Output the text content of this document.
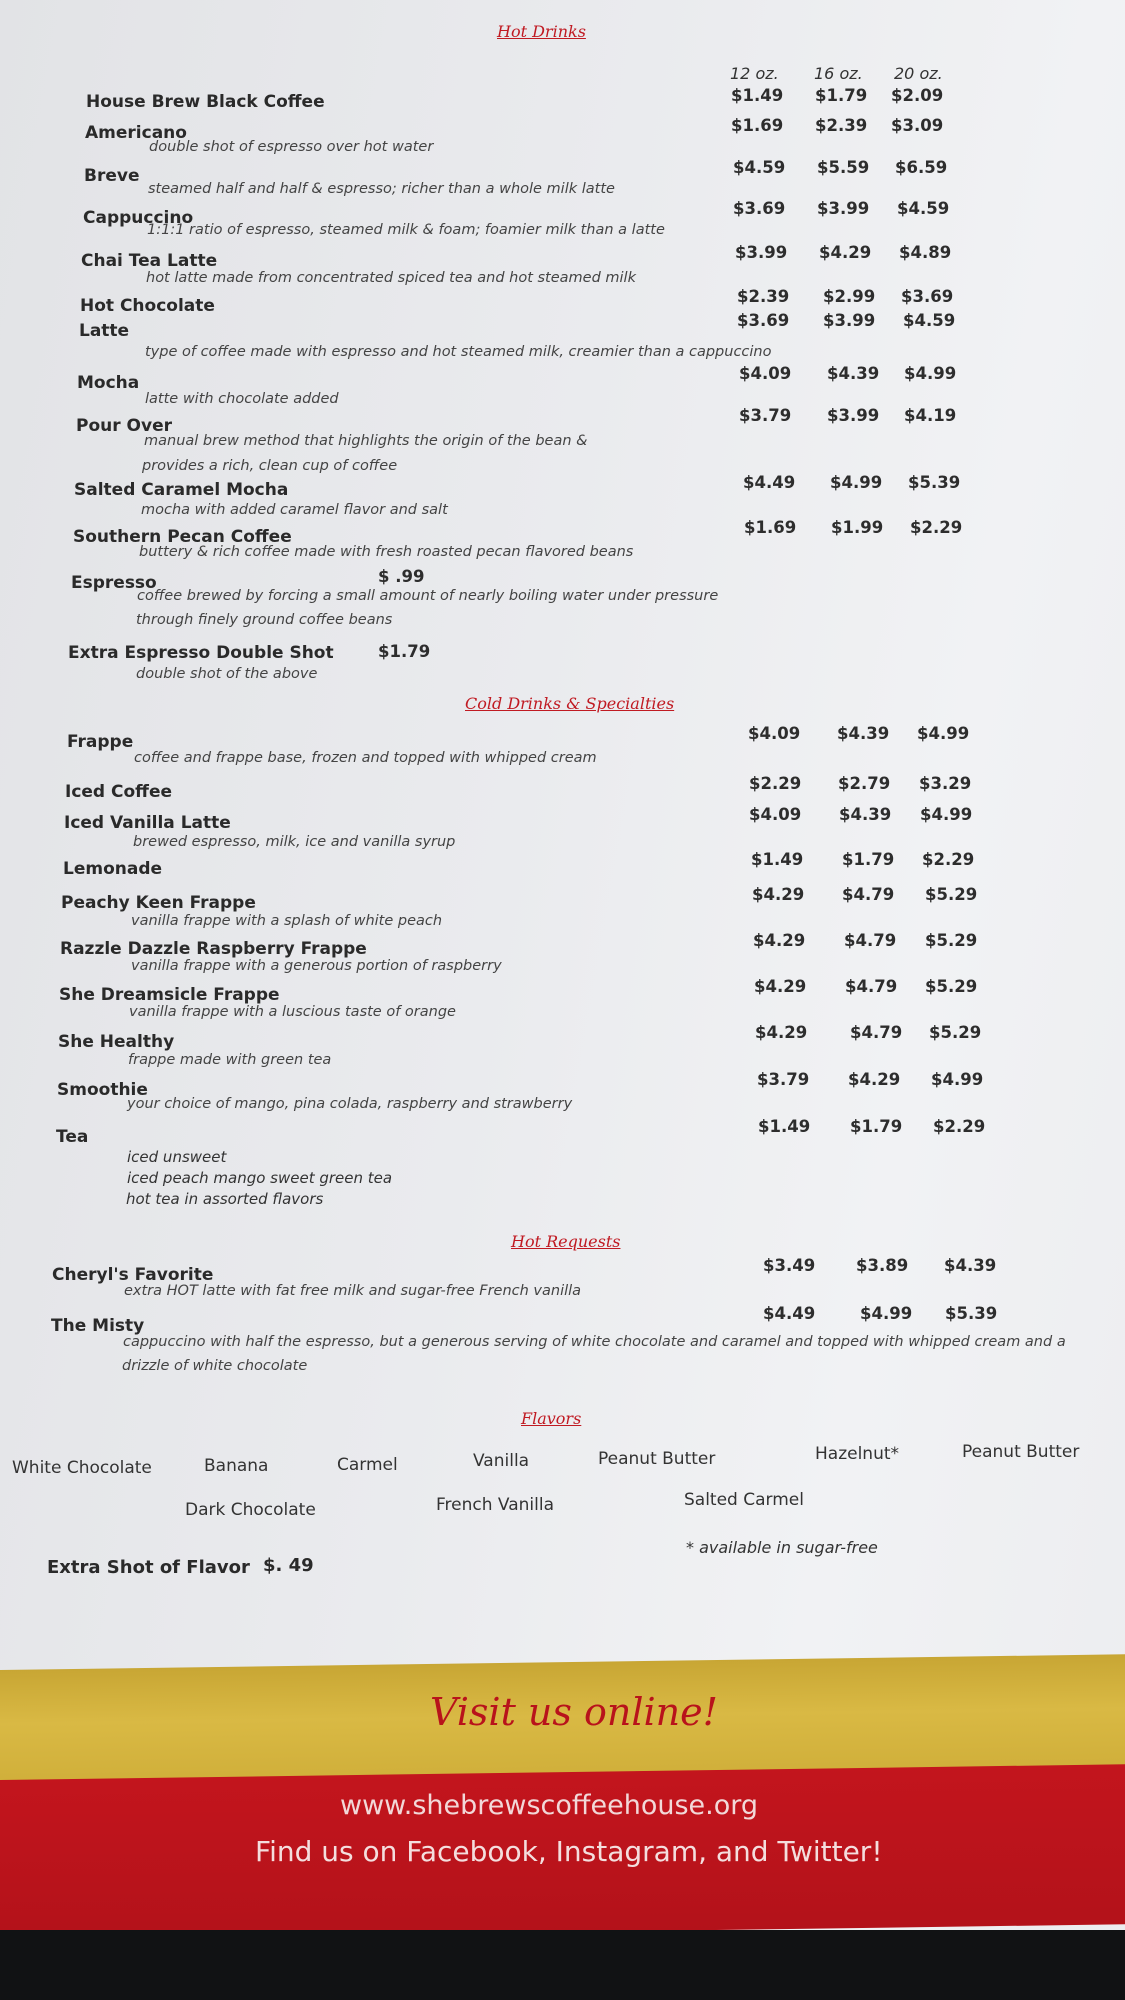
Hot Drinks
12 oz.	16 oz.	20 oz.
House Brew Black Coffee	$1.49 $1.79 $2.09
Americano
double shot of espresso over hot water
$1.69 $2.39 $3.09
Breve
steamed half and half & espresso; richer than a whole milk latte
$4.59 $5.59 $6.59
Cappuccino
1:1:1 ratio of espresso, steamed milk & foam; foamier milk than a latte
$3.69 $3.99 $4.59
Chai Tea Latte
hot latte made from concentrated spiced tea and hot steamed milk
$3.99 $4.29 $4.89
Hot Chocolate	$2.39 $2.99 $3.69
Latte
type of coffee made with espresso and hot steamed milk, creamier than a cappuccino
$3.69 $3.99 $4.59
Mocha
latte with chocolate added
$4.09 $4.39 $4.99
Pour Over
manual brew method that highlights the origin of the bean &
provides a rich, clean cup of coffee
$3.79 $3.99 $4.19
Salted Caramel Mocha
mocha with added caramel flavor and salt
$4.49 $4.99 $5.39
Southern Pecan Coffee
buttery & rich coffee made with fresh roasted pecan flavored beans
$1.69 $1.99 $2.29
Espresso
coffee brewed by forcing a small amount of nearly boiling water under pressure
through finely ground coffee beans
$ .99
Extra Espresso Double Shot
double shot of the above
$1.79
Cold Drinks & Specialties
Frappe
coffee and frappe base, frozen and topped with whipped cream
$4.09 $4.39 $4.99
Iced Coffee	$2.29 $2.79 $3.29
Iced Vanilla Latte
brewed espresso, milk, ice and vanilla syrup
$4.09 $4.39 $4.99
Lemonade	$1.49 $1.79 $2.29
Peachy Keen Frappe
vanilla frappe with a splash of white peach
$4.29 $4.79 $5.29
Razzle Dazzle Raspberry Frappe
vanilla frappe with a generous portion of raspberry
$4.29 $4.79 $5.29
She Dreamsicle Frappe
vanilla frappe with a luscious taste of orange
$4.29 $4.79 $5.29
She Healthy
frappe made with green tea
$4.29	$4.79 $5.29
Smoothie
your choice of mango, pina colada, raspberry and strawberry
$3.79 $4.29 $4.99
Tea
$1.49 $1.79 $2.29
iced unsweet
iced peach mango sweet green tea
hot tea in assorted flavors
Hot Requests
Cheryl's Favorite
extra HOT latte with fat free milk and sugar-free French vanilla
$3.49 $3.89 $4.39
The Misty
cappuccino with half the espresso, but a generous serving of white chocolate and caramel and topped with whipped cream and a
drizzle of white chocolate
$4.49	$4.99 $5.39
Flavors
White Chocolate	Banana	Carmel	Vanilla	Peanut Butter	Hazelnut*	Peanut Butter
Dark Chocolate	French Vanilla	Salted Carmel
Extra Shot of Flavor $. 49
* available in sugar-free
Visit us online!
www.shebrewscoffeehouse.org
Find us on Facebook, Instagram, and Twitter!
